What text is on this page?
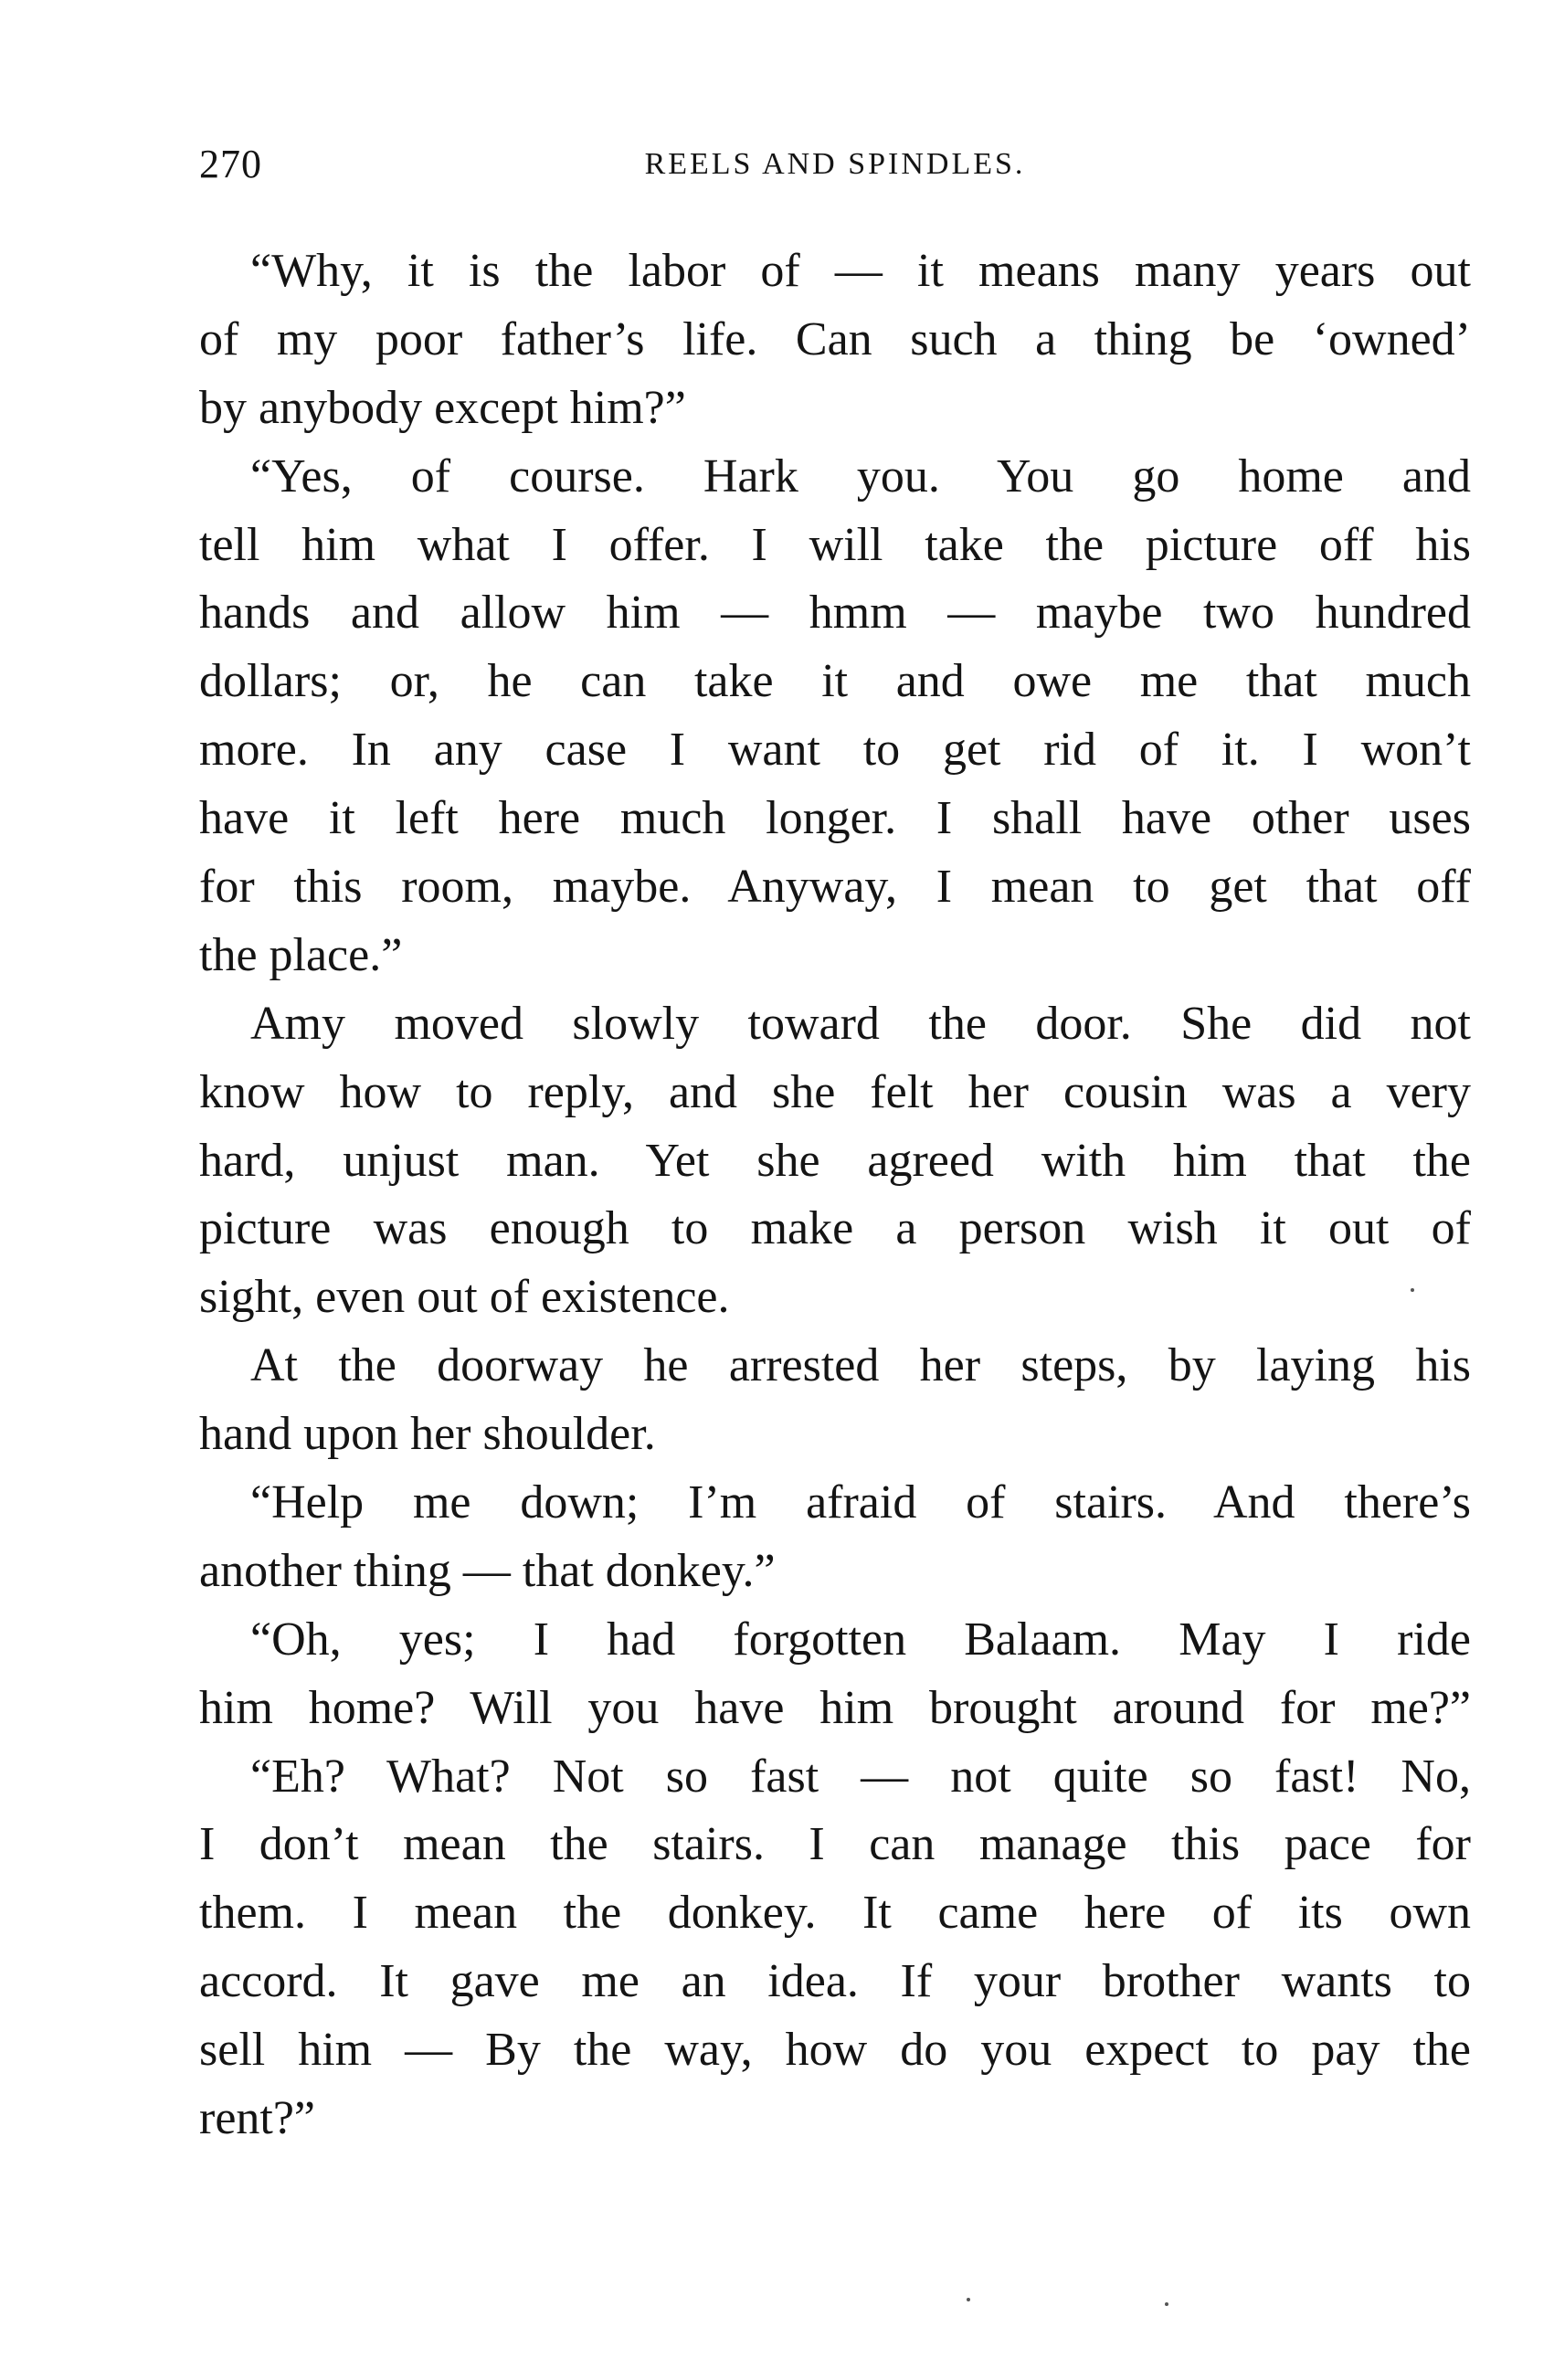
270	REELS AND SPINDLES.
“Why, it is the labor of — it means many years out
of my poor father’s life. Can such a thing be ‘owned’
by anybody except him?”
“Yes, of course. Hark you. You go home and
tell him what I offer. I will take the picture off his
hands and allow him — hmm — maybe two hundred
dollars; or, he can take it and owe me that much
more. In any case I want to get rid of it. I won’t
have it left here much longer. I shall have other uses
for this room, maybe. Anyway, I mean to get that off
the place.”
Amy moved slowly toward the door. She did not
know how to reply, and she felt her cousin was a very
hard, unjust man. Yet she agreed with him that the
picture was enough to make a person wish it out of
sight, even out of existence.
At the doorway he arrested her steps, by laying his
hand upon her shoulder.
“Help me down; I’m afraid of stairs. And there’s
another thing — that donkey.”
“Oh, yes; I had forgotten Balaam. May I ride
him home? Will you have him brought around for me?”
“Eh? What? Not so fast — not quite so fast! No,
I don’t mean the stairs. I can manage this pace for
them. I mean the donkey. It came here of its own
accord. It gave me an idea. If your brother wants to
sell him — By the way, how do you expect to pay the
rent?”
